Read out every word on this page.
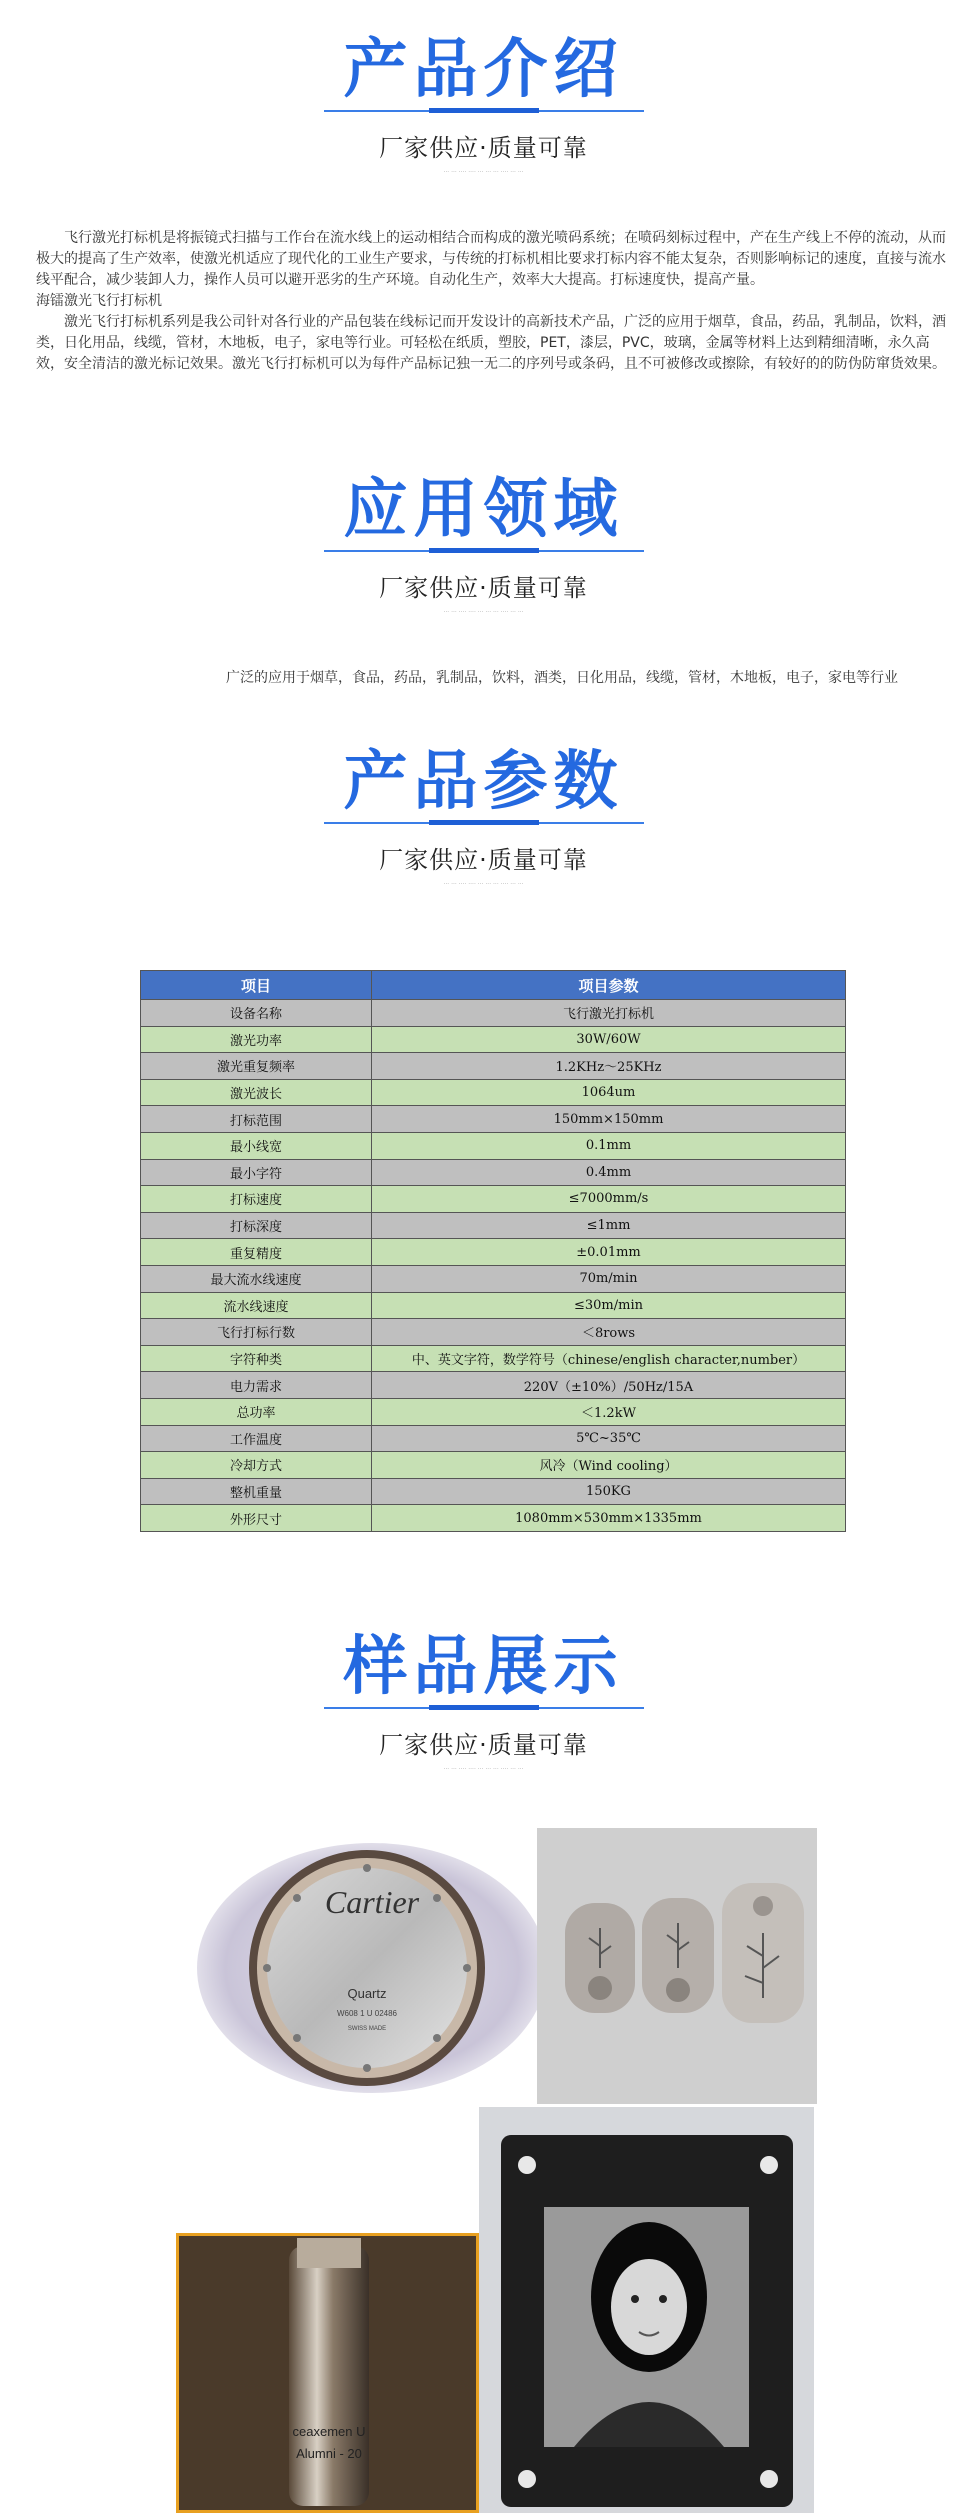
产品介绍
厂家供应·质量可靠
··· ··· ···· ···· ··· ··· ··· ···· ··· ···

飞行激光打标机是将振镜式扫描与工作台在流水线上的运动相结合而构成的激光喷码系统；在喷码刻标过程中，产在生产线上不停的流动，从而极大的提高了生产效率，使激光机适应了现代化的工业生产要求，与传统的打标机相比要求打标内容不能太复杂，否则影响标记的速度，直接与流水线平配合，减少装卸人力，操作人员可以避开恶劣的生产环境。自动化生产，效率大大提高。打标速度快，提高产量。

海镭激光飞行打标机

激光飞行打标机系列是我公司针对各行业的产品包装在线标记而开发设计的高新技术产品，广泛的应用于烟草，食品，药品，乳制品，饮料，酒类，日化用品，线缆，管材，木地板，电子，家电等行业。可轻松在纸质，塑胶，PET，漆层，PVC，玻璃，金属等材料上达到精细清晰，永久高效，安全清洁的激光标记效果。激光飞行打标机可以为每件产品标记独一无二的序列号或条码，且不可被修改或擦除，有较好的的防伪防窜货效果。

应用领域
厂家供应·质量可靠
··· ··· ···· ···· ··· ··· ··· ···· ··· ···
广泛的应用于烟草，食品，药品，乳制品，饮料，酒类，日化用品，线缆，管材，木地板，电子，家电等行业
产品参数
厂家供应·质量可靠
··· ··· ···· ···· ··· ··· ··· ···· ··· ···
项目	项目参数
设备名称	飞行激光打标机
激光功率	30W/60W
激光重复频率	1.2KHz～25KHz
激光波长	1064um
打标范围	150mm×150mm
最小线宽	0.1mm
最小字符	0.4mm
打标速度	≤7000mm/s
打标深度	≤1mm
重复精度	±0.01mm
最大流水线速度	70m/min
流水线速度	≤30m/min
飞行打标行数	＜8rows
字符种类	中、英文字符，数学符号（chinese/english character,number）
电力需求	220V（±10%）/50Hz/15A
总功率	＜1.2kW
工作温度	5℃~35℃
冷却方式	风冷（Wind cooling）
整机重量	150KG
外形尺寸	1080mm×530mm×1335mm
样品展示
厂家供应·质量可靠
··· ··· ···· ···· ··· ··· ··· ···· ··· ···
Cartier
Quartz
W608 1 U 02486
SWISS MADE
ceaxemen U
Alumni - 20
